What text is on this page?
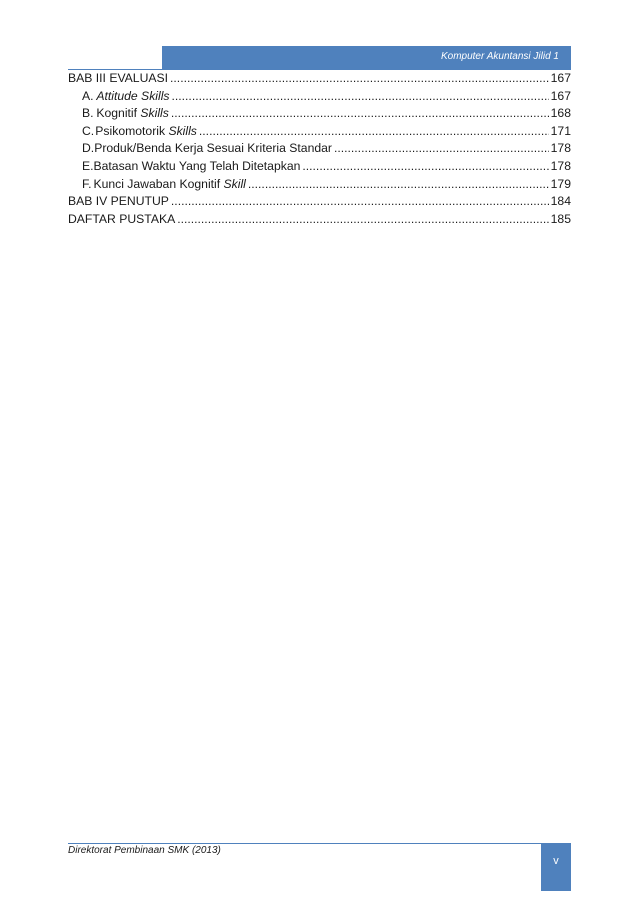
Komputer Akuntansi Jilid 1
BAB III EVALUASI .....	167
A. Attitude Skills .....	167
B. Kognitif Skills .....	168
C. Psikomotorik Skills .....	171
D. Produk/Benda Kerja Sesuai Kriteria Standar .....	178
E. Batasan Waktu Yang Telah Ditetapkan .....	178
F. Kunci Jawaban Kognitif Skill .....	179
BAB IV PENUTUP .....	184
DAFTAR PUSTAKA .....	185
Direktorat Pembinaan SMK (2013)
v
